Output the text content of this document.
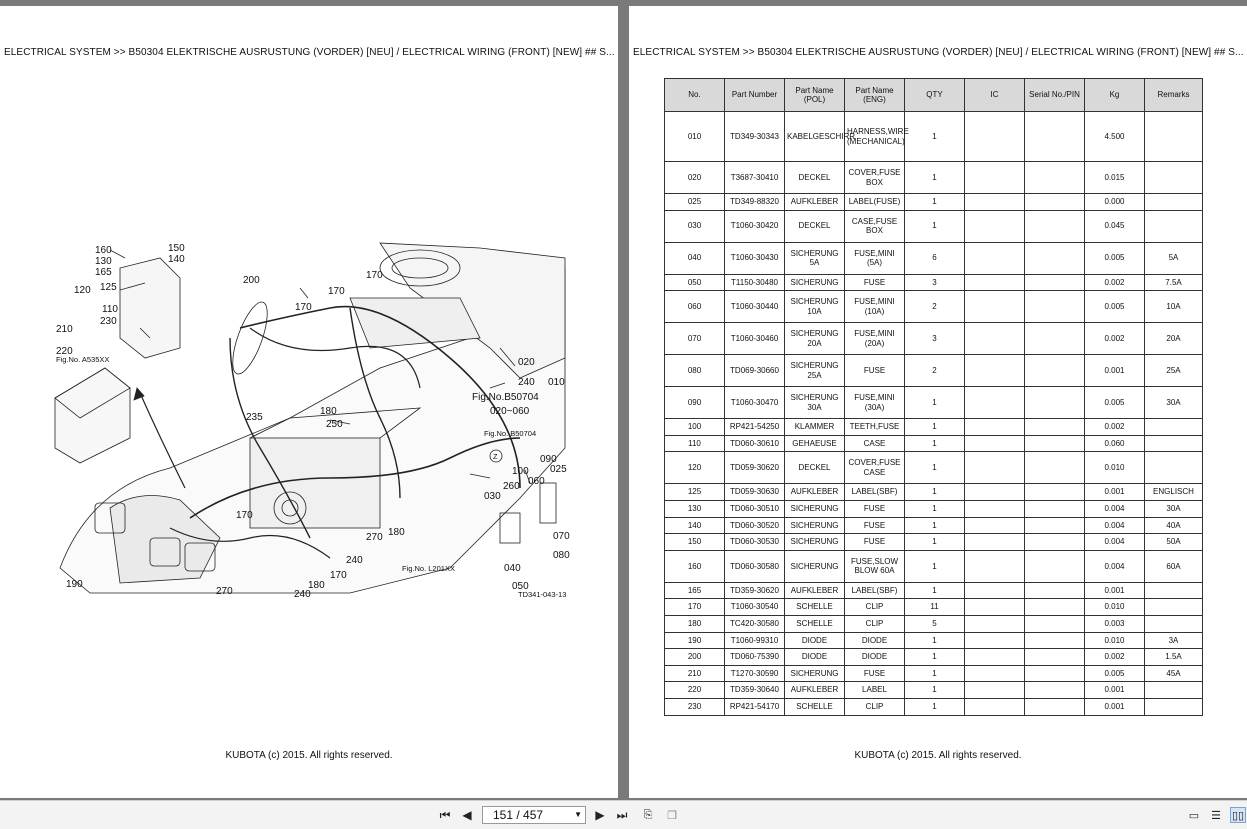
ELECTRICAL SYSTEM >> B50304 ELEKTRISCHE AUSRUSTUNG (VORDER) [NEU] / ELECTRICAL WIRING (FRONT) [NEW] ## S...
160
130
165
150
140
125
120
110
230
210
220
200	170
170
170
235
180
020
240 010
020~060
100 025
060
030
090
070
080
040
050
270 180
190
170
240
270
180
240
170
250
260
Fig.No. A535XX
Fig.No.B50704
Fig.No. B50704
Fig.No. L201XX
TD341-043-13
Z
KUBOTA (c) 2015. All rights reserved.
ELECTRICAL SYSTEM >> B50304 ELEKTRISCHE AUSRUSTUNG (VORDER) [NEU] / ELECTRICAL WIRING (FRONT) [NEW] ## S...
No.	Part Number	Part Name (POL)	Part Name (ENG)	QTY	IC	Serial No./PIN	Kg	Remarks
010	TD349-30343	KABELGESCHIRR	HARNESS,WIRE (MECHANICAL)	1			4.500	
020	T3687-30410	DECKEL	COVER,FUSE BOX	1			0.015	
025	TD349-88320	AUFKLEBER	LABEL(FUSE)	1			0.000	
030	T1060-30420	DECKEL	CASE,FUSE BOX	1			0.045	
040	T1060-30430	SICHERUNG 5A	FUSE,MINI (5A)	6			0.005	5A
050	T1150-30480	SICHERUNG	FUSE	3			0.002	7.5A
060	T1060-30440	SICHERUNG 10A	FUSE,MINI (10A)	2			0.005	10A
070	T1060-30460	SICHERUNG 20A	FUSE,MINI (20A)	3			0.002	20A
080	TD069-30660	SICHERUNG 25A	FUSE	2			0.001	25A
090	T1060-30470	SICHERUNG 30A	FUSE,MINI (30A)	1			0.005	30A
100	RP421-54250	KLAMMER	TEETH,FUSE	1			0.002	
110	TD060-30610	GEHAEUSE	CASE	1			0.060	
120	TD059-30620	DECKEL	COVER,FUSE CASE	1			0.010	
125	TD059-30630	AUFKLEBER	LABEL(SBF)	1			0.001	ENGLISCH
130	TD060-30510	SICHERUNG	FUSE	1			0.004	30A
140	TD060-30520	SICHERUNG	FUSE	1			0.004	40A
150	TD060-30530	SICHERUNG	FUSE	1			0.004	50A
160	TD060-30580	SICHERUNG	FUSE,SLOW BLOW 60A	1			0.004	60A
165	TD359-30620	AUFKLEBER	LABEL(SBF)	1			0.001	
170	T1060-30540	SCHELLE	CLIP	11			0.010	
180	TC420-30580	SCHELLE	CLIP	5			0.003	
190	T1060-99310	DIODE	DIODE	1			0.010	3A
200	TD060-75390	DIODE	DIODE	1			0.002	1.5A
210	T1270-30590	SICHERUNG	FUSE	1			0.005	45A
220	TD359-30640	AUFKLEBER	LABEL	1			0.001	
230	RP421-54170	SCHELLE	CLIP	1			0.001	
KUBOTA (c) 2015. All rights reserved.
⏮ ◀	151 / 457	▼ ▶ ⏭	⎘	❐	▭ ☰ ▯▯
